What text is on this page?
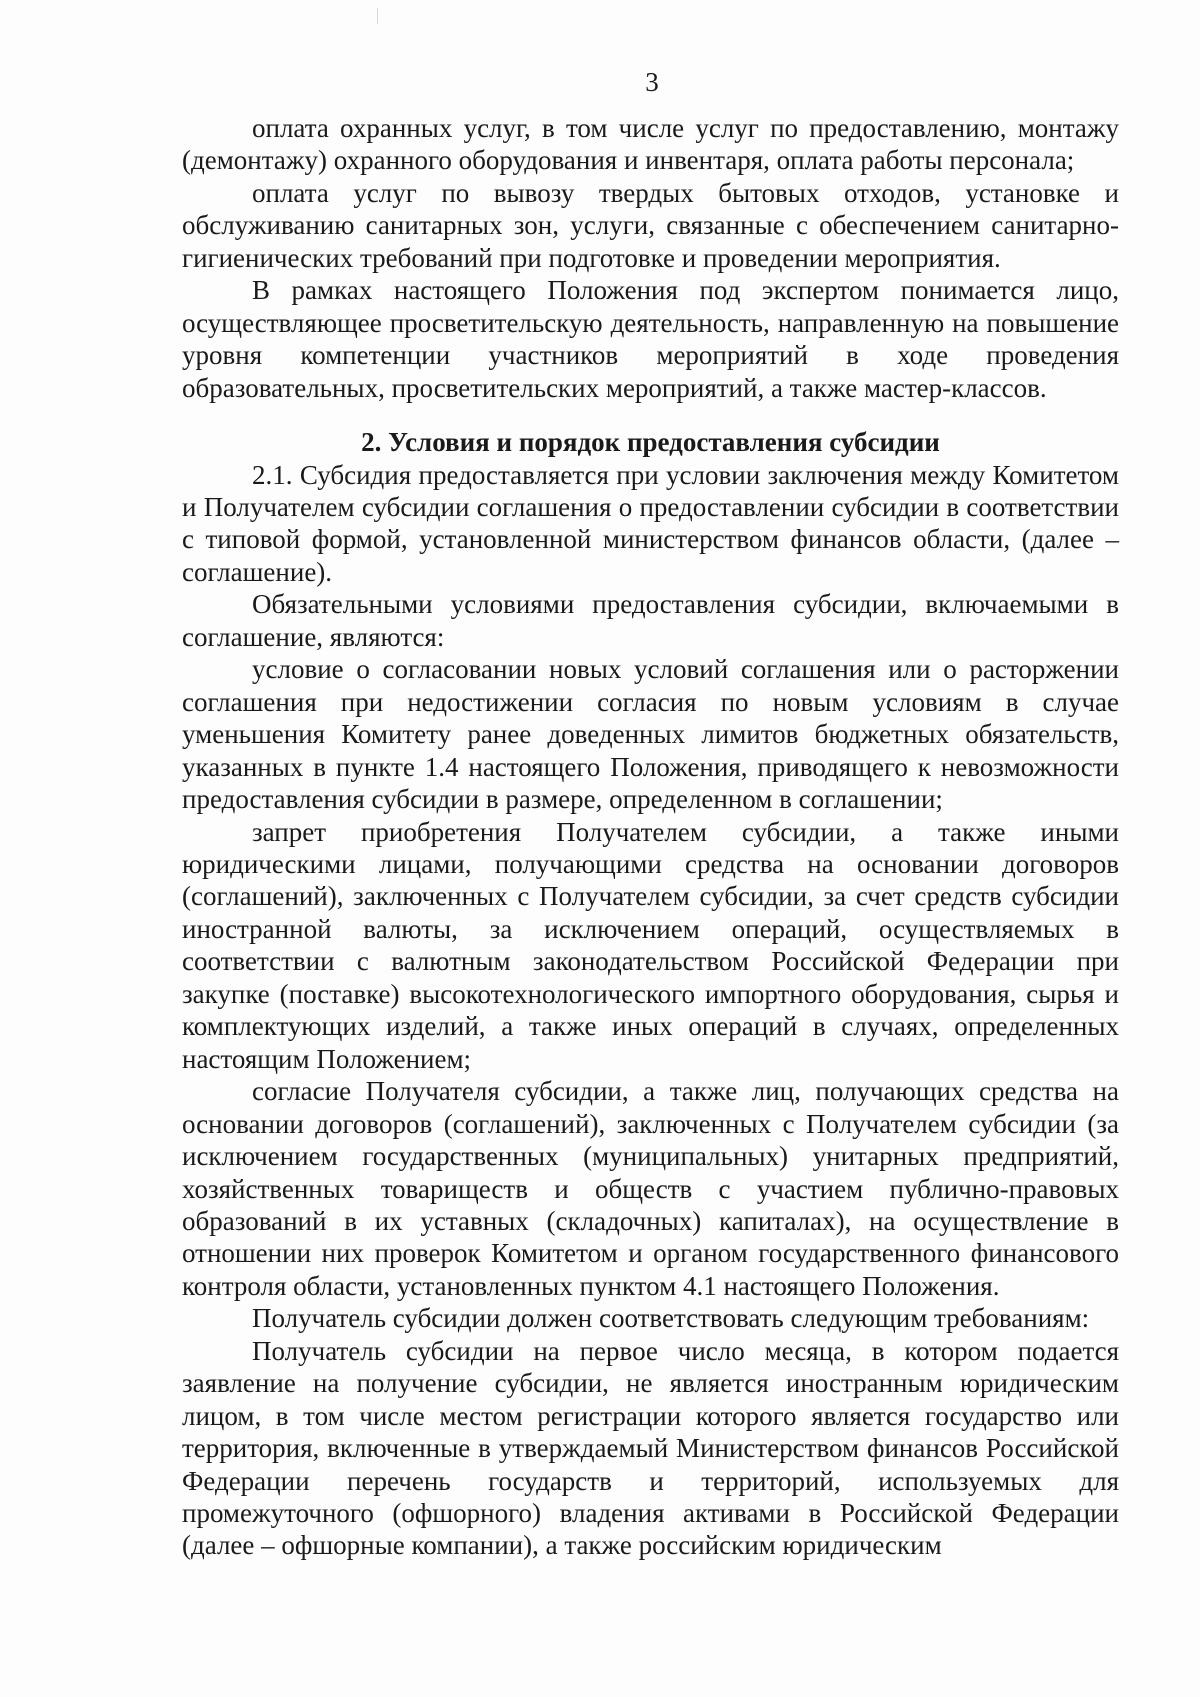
3

оплата охранных услуг, в том числе услуг по предоставлению, монтажу (демонтажу) охранного оборудования и инвентаря, оплата работы персонала;

оплата услуг по вывозу твердых бытовых отходов, установке и обслуживанию санитарных зон, услуги, связанные с обеспечением санитарно-гигиенических требований при подготовке и проведении мероприятия.

В рамках настоящего Положения под экспертом понимается лицо, осуществляющее просветительскую деятельность, направленную на повышение уровня компетенции участников мероприятий в ходе проведения образовательных, просветительских мероприятий, а также мастер-классов.

2. Условия и порядок предоставления субсидии

2.1. Субсидия предоставляется при условии заключения между Комитетом и Получателем субсидии соглашения о предоставлении субсидии в соответствии с типовой формой, установленной министерством финансов области, (далее – соглашение).

Обязательными условиями предоставления субсидии, включаемыми в соглашение, являются:

условие о согласовании новых условий соглашения или о расторжении соглашения при недостижении согласия по новым условиям в случае уменьшения Комитету ранее доведенных лимитов бюджетных обязательств, указанных в пункте 1.4 настоящего Положения, приводящего к невозможности предоставления субсидии в размере, определенном в соглашении;

запрет приобретения Получателем субсидии, а также иными юридическими лицами, получающими средства на основании договоров (соглашений), заключенных с Получателем субсидии, за счет средств субсидии иностранной валюты, за исключением операций, осуществляемых в соответствии с валютным законодательством Российской Федерации при закупке (поставке) высокотехнологического импортного оборудования, сырья и комплектующих изделий, а также иных операций в случаях, определенных настоящим Положением;

согласие Получателя субсидии, а также лиц, получающих средства на основании договоров (соглашений), заключенных с Получателем субсидии (за исключением государственных (муниципальных) унитарных предприятий, хозяйственных товариществ и обществ с участием публично-правовых образований в их уставных (складочных) капиталах), на осуществление в отношении них проверок Комитетом и органом государственного финансового контроля области, установленных пунктом 4.1 настоящего Положения.

Получатель субсидии должен соответствовать следующим требованиям:

Получатель субсидии на первое число месяца, в котором подается заявление на получение субсидии, не является иностранным юридическим лицом, в том числе местом регистрации которого является государство или территория, включенные в утверждаемый Министерством финансов Российской Федерации перечень государств и территорий, используемых для промежуточного (офшорного) владения активами в Российской Федерации (далее – офшорные компании), а также российским юридическим
